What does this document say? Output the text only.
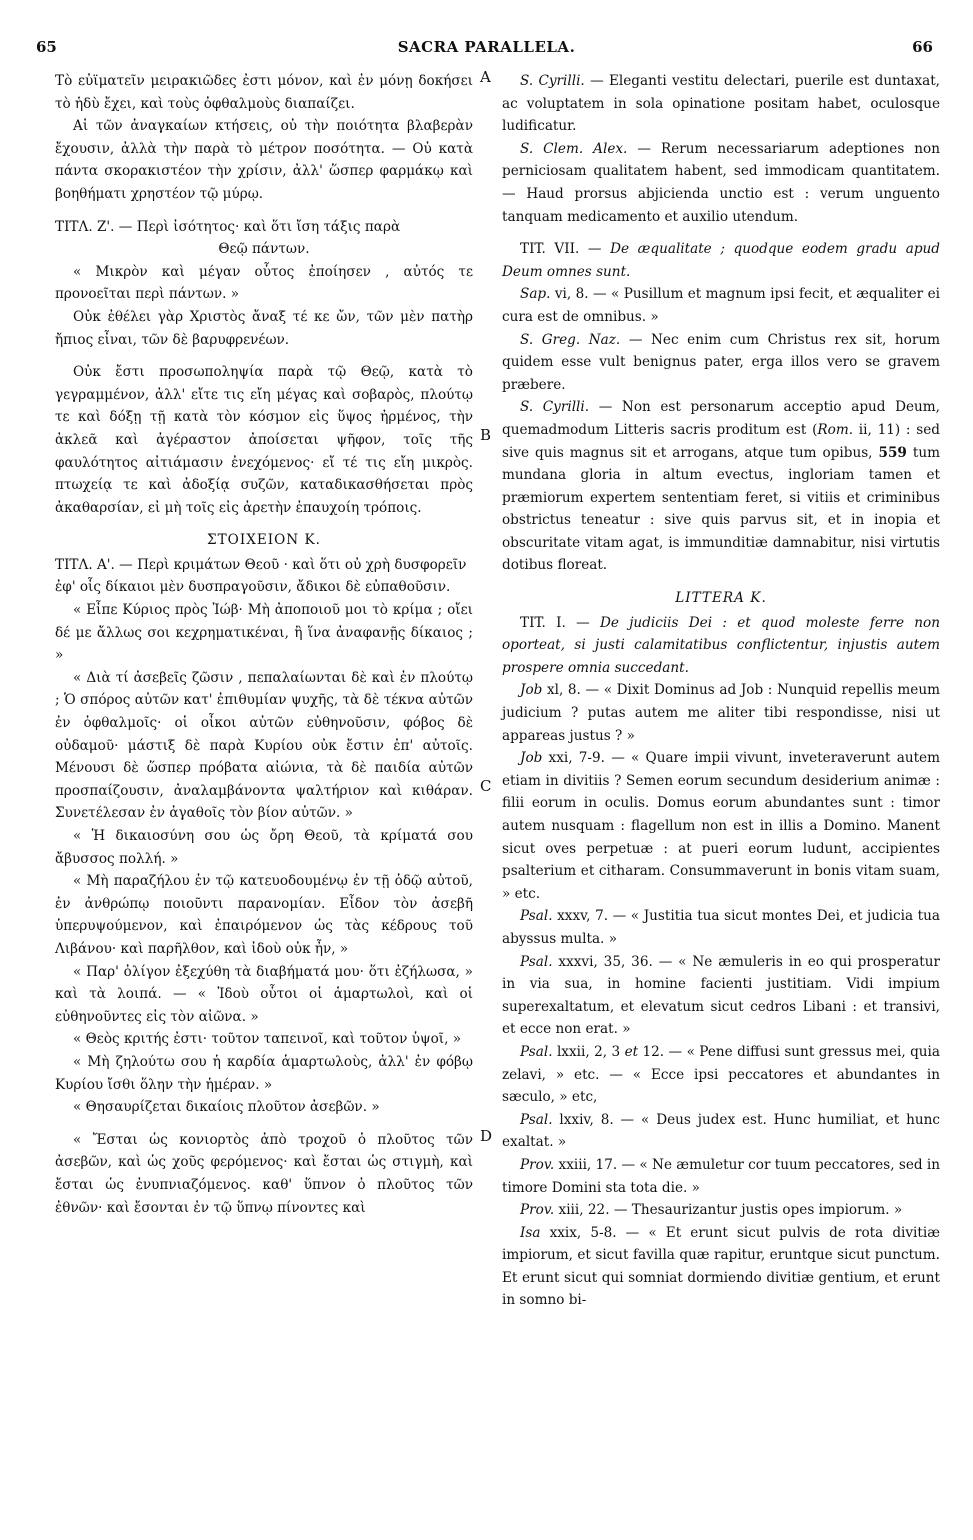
65	SACRA PARALLELA.	66
A
B
C
D

Τὸ εὐϊματεῖν μειρακιῶδες ἐστι μόνον, καὶ ἐν μόνῃ δοκήσει τὸ ἡδὺ ἔχει, καὶ τοὺς ὀφθαλμοὺς διαπαίζει.

Αἱ τῶν ἀναγκαίων κτήσεις, οὐ τὴν ποιότητα βλαβερὰν ἔχουσιν, ἀλλὰ τὴν παρὰ τὸ μέτρον ποσότητα. — Οὐ κατὰ πάντα σκορακιστέον τὴν χρίσιν, ἀλλ' ὥσπερ φαρμάκῳ καὶ βοηθήματι χρηστέον τῷ μύρῳ.

ΤΙΤΛ. Ζ'. — Περὶ ἰσότητος· καὶ ὅτι ἴση τάξις παρὰ
Θεῷ πάντων.

« Μικρὸν καὶ μέγαν οὗτος ἐποίησεν , αὐτός τε προνοεῖται περὶ πάντων. »

Οὐκ ἐθέλει γὰρ Χριστὸς ἄναξ τέ κε ὤν, τῶν μὲν πατὴρ ἤπιος εἶναι, τῶν δὲ βαρυφρενέων.

Οὐκ ἔστι προσωποληψία παρὰ τῷ Θεῷ, κατὰ τὸ γεγραμμένον, ἀλλ' εἴτε τις εἴη μέγας καὶ σοβαρὸς, πλούτῳ τε καὶ δόξῃ τῇ κατὰ τὸν κόσμον εἰς ὕψος ἠρμένος, τὴν ἀκλεᾶ καὶ ἀγέραστον ἀποίσεται ψῆφον, τοῖς τῆς φαυλότητος αἰτιάμασιν ἐνεχόμενος· εἴ τέ τις εἴη μικρὸς. πτωχείᾳ τε καὶ ἀδοξίᾳ συζῶν, καταδικασθήσεται πρὸς ἀκαθαρσίαν, εἰ μὴ τοῖς εἰς ἀρετὴν ἐπαυχοίη τρόποις.

ΣΤΟΙΧΕΙΟΝ Κ.

ΤΙΤΛ. Α'. — Περὶ κριμάτων Θεοῦ · καὶ ὅτι οὐ χρὴ δυσφορεῖν ἐφ' οἷς δίκαιοι μὲν δυσπραγοῦσιν, ἄδικοι δὲ εὐπαθοῦσιν.

« Εἶπε Κύριος πρὸς Ἰώβ· Μὴ ἀποποιοῦ μοι τὸ κρίμα ; οἴει δέ με ἄλλως σοι κεχρηματικέναι, ἢ ἵνα ἀναφανῇς δίκαιος ; »

« Διὰ τί ἀσεβεῖς ζῶσιν , πεπαλαίωνται δὲ καὶ ἐν πλούτῳ ; Ὁ σπόρος αὐτῶν κατ' ἐπιθυμίαν ψυχῆς, τὰ δὲ τέκνα αὐτῶν ἐν ὀφθαλμοῖς· οἱ οἶκοι αὐτῶν εὐθηνοῦσιν, φόβος δὲ οὐδαμοῦ· μάστιξ δὲ παρὰ Κυρίου οὐκ ἔστιν ἐπ' αὐτοῖς. Μένουσι δὲ ὥσπερ πρόβατα αἰώνια, τὰ δὲ παιδία αὐτῶν προσπαίζουσιν, ἀναλαμβάνοντα ψαλτήριον καὶ κιθάραν. Συνετέλεσαν ἐν ἀγαθοῖς τὸν βίον αὐτῶν. »

« Ἡ δικαιοσύνη σου ὡς ὄρη Θεοῦ, τὰ κρίματά σου ἄβυσσος πολλή. »

« Μὴ παραζήλου ἐν τῷ κατευοδουμένῳ ἐν τῇ ὁδῷ αὐτοῦ, ἐν ἀνθρώπῳ ποιοῦντι παρανομίαν. Εἶδον τὸν ἀσεβῆ ὑπερυψούμενον, καὶ ἐπαιρόμενον ὡς τὰς κέδρους τοῦ Λιβάνου· καὶ παρῆλθον, καὶ ἰδοὺ οὐκ ἦν, »

« Παρ' ὀλίγον ἐξεχύθη τὰ διαβήματά μου· ὅτι ἐζήλωσα, » καὶ τὰ λοιπά. — « Ἰδοὺ οὗτοι οἱ ἁμαρτωλοὶ, καὶ οἱ εὐθηνοῦντες εἰς τὸν αἰῶνα. »

« Θεὸς κριτής ἐστι· τοῦτον ταπεινοῖ, καὶ τοῦτον ὑψοῖ, »

« Μὴ ζηλούτω σου ἡ καρδία ἁμαρτωλοὺς, ἀλλ' ἐν φόβῳ Κυρίου ἴσθι ὅλην τὴν ἡμέραν. »

« Θησαυρίζεται δικαίοις πλοῦτον ἀσεβῶν. »

« Ἔσται ὡς κονιορτὸς ἀπὸ τροχοῦ ὁ πλοῦτος τῶν ἀσεβῶν, καὶ ὡς χοῦς φερόμενος· καὶ ἔσται ὡς στιγμὴ, καὶ ἔσται ὡς ἐνυπνιαζόμενος. καθ' ὕπνον ὁ πλοῦτος τῶν ἐθνῶν· καὶ ἔσονται ἐν τῷ ὕπνῳ πίνοντες καὶ

S. Cyrilli. — Eleganti vestitu delectari, puerile est duntaxat, ac voluptatem in sola opinatione positam habet, oculosque ludificatur.

S. Clem. Alex. — Rerum necessariarum adeptiones non perniciosam qualitatem habent, sed immodicam quantitatem. — Haud prorsus abjicienda unctio est : verum unguento tanquam medicamento et auxilio utendum.

TIT. VII. — De æqualitate ; quodque eodem gradu apud Deum omnes sunt.

Sap. vi, 8. — « Pusillum et magnum ipsi fecit, et æqualiter ei cura est de omnibus. »

S. Greg. Naz. — Nec enim cum Christus rex sit, horum quidem esse vult benignus pater, erga illos vero se gravem præbere.

S. Cyrilli. — Non est personarum acceptio apud Deum, quemadmodum Litteris sacris proditum est (Rom. ii, 11) : sed sive quis magnus sit et arrogans, atque tum opibus, 559 tum mundana gloria in altum evectus, ingloriam tamen et præmiorum expertem sententiam feret, si vitiis et criminibus obstrictus teneatur : sive quis parvus sit, et in inopia et obscuritate vitam agat, is immunditiæ damnabitur, nisi virtutis dotibus floreat.

LITTERA K.

TIT. I. — De judiciis Dei : et quod moleste ferre non oporteat, si justi calamitatibus conflictentur, injustis autem prospere omnia succedant.

Job xl, 8. — « Dixit Dominus ad Job : Nunquid repellis meum judicium ? putas autem me aliter tibi respondisse, nisi ut appareas justus ? »

Job xxi, 7-9. — « Quare impii vivunt, inveteraverunt autem etiam in divitiis ? Semen eorum secundum desiderium animæ : filii eorum in oculis. Domus eorum abundantes sunt : timor autem nusquam : flagellum non est in illis a Domino. Manent sicut oves perpetuæ : at pueri eorum ludunt, accipientes psalterium et citharam. Consummaverunt in bonis vitam suam, » etc.

Psal. xxxv, 7. — « Justitia tua sicut montes Dei, et judicia tua abyssus multa. »

Psal. xxxvi, 35, 36. — « Ne æmuleris in eo qui prosperatur in via sua, in homine facienti justitiam. Vidi impium superexaltatum, et elevatum sicut cedros Libani : et transivi, et ecce non erat. »

Psal. lxxii, 2, 3 et 12. — « Pene diffusi sunt gressus mei, quia zelavi, » etc. — « Ecce ipsi peccatores et abundantes in sæculo, » etc,

Psal. lxxiv, 8. — « Deus judex est. Hunc humiliat, et hunc exaltat. »

Prov. xxiii, 17. — « Ne æmuletur cor tuum peccatores, sed in timore Domini sta tota die. »

Prov. xiii, 22. — Thesaurizantur justis opes impiorum. »

Isa xxix, 5-8. — « Et erunt sicut pulvis de rota divitiæ impiorum, et sicut favilla quæ rapitur, eruntque sicut punctum. Et erunt sicut qui somniat dormiendo divitiæ gentium, et erunt in somno bi-
